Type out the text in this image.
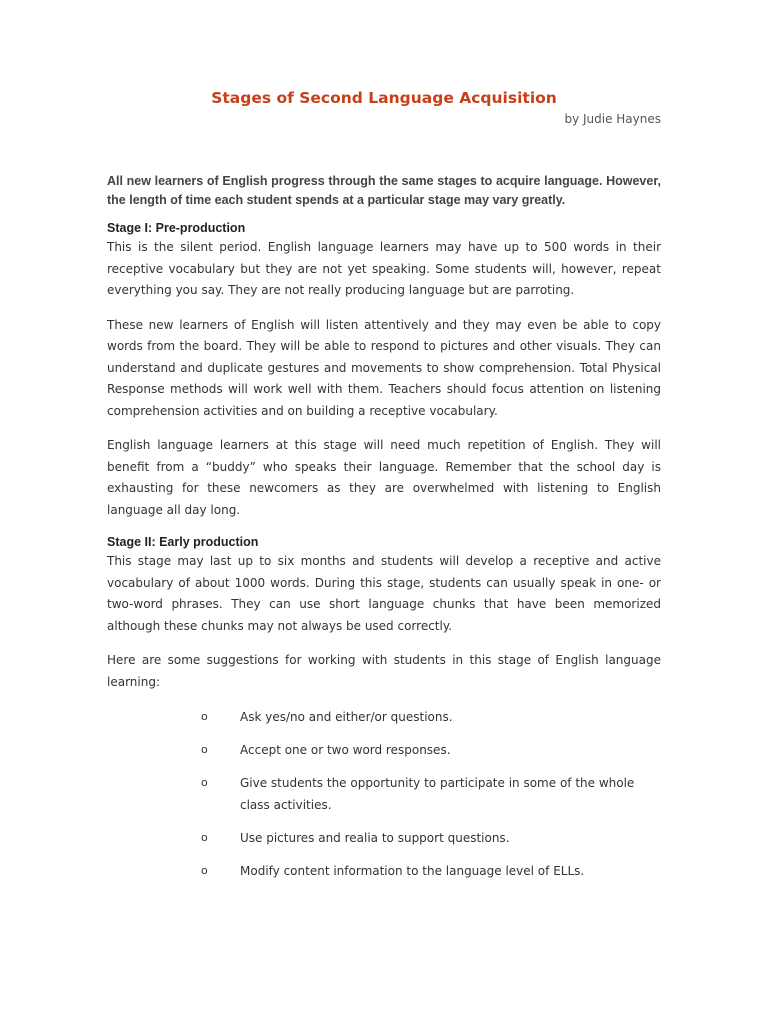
Stages of Second Language Acquisition

by Judie Haynes

All new learners of English progress through the same stages to acquire language. However, the length of time each student spends at a particular stage may vary greatly.

Stage I: Pre-production

This is the silent period. English language learners may have up to 500 words in their receptive vocabulary but they are not yet speaking. Some students will, however, repeat everything you say. They are not really producing language but are parroting.

These new learners of English will listen attentively and they may even be able to copy words from the board. They will be able to respond to pictures and other visuals. They can understand and duplicate gestures and movements to show comprehension. Total Physical Response methods will work well with them. Teachers should focus attention on listening comprehension activities and on building a receptive vocabulary.

English language learners at this stage will need much repetition of English. They will benefit from a “buddy” who speaks their language. Remember that the school day is exhausting for these newcomers as they are overwhelmed with listening to English language all day long.

Stage II: Early production

This stage may last up to six months and students will develop a receptive and active vocabulary of about 1000 words. During this stage, students can usually speak in one- or two-word phrases. They can use short language chunks that have been memorized although these chunks may not always be used correctly.

Here are some suggestions for working with students in this stage of English language learning:

o	Ask yes/no and either/or questions.
o	Accept one or two word responses.
o	Give students the opportunity to participate in some of the whole class activities.
o	Use pictures and realia to support questions.
o	Modify content information to the language level of ELLs.
